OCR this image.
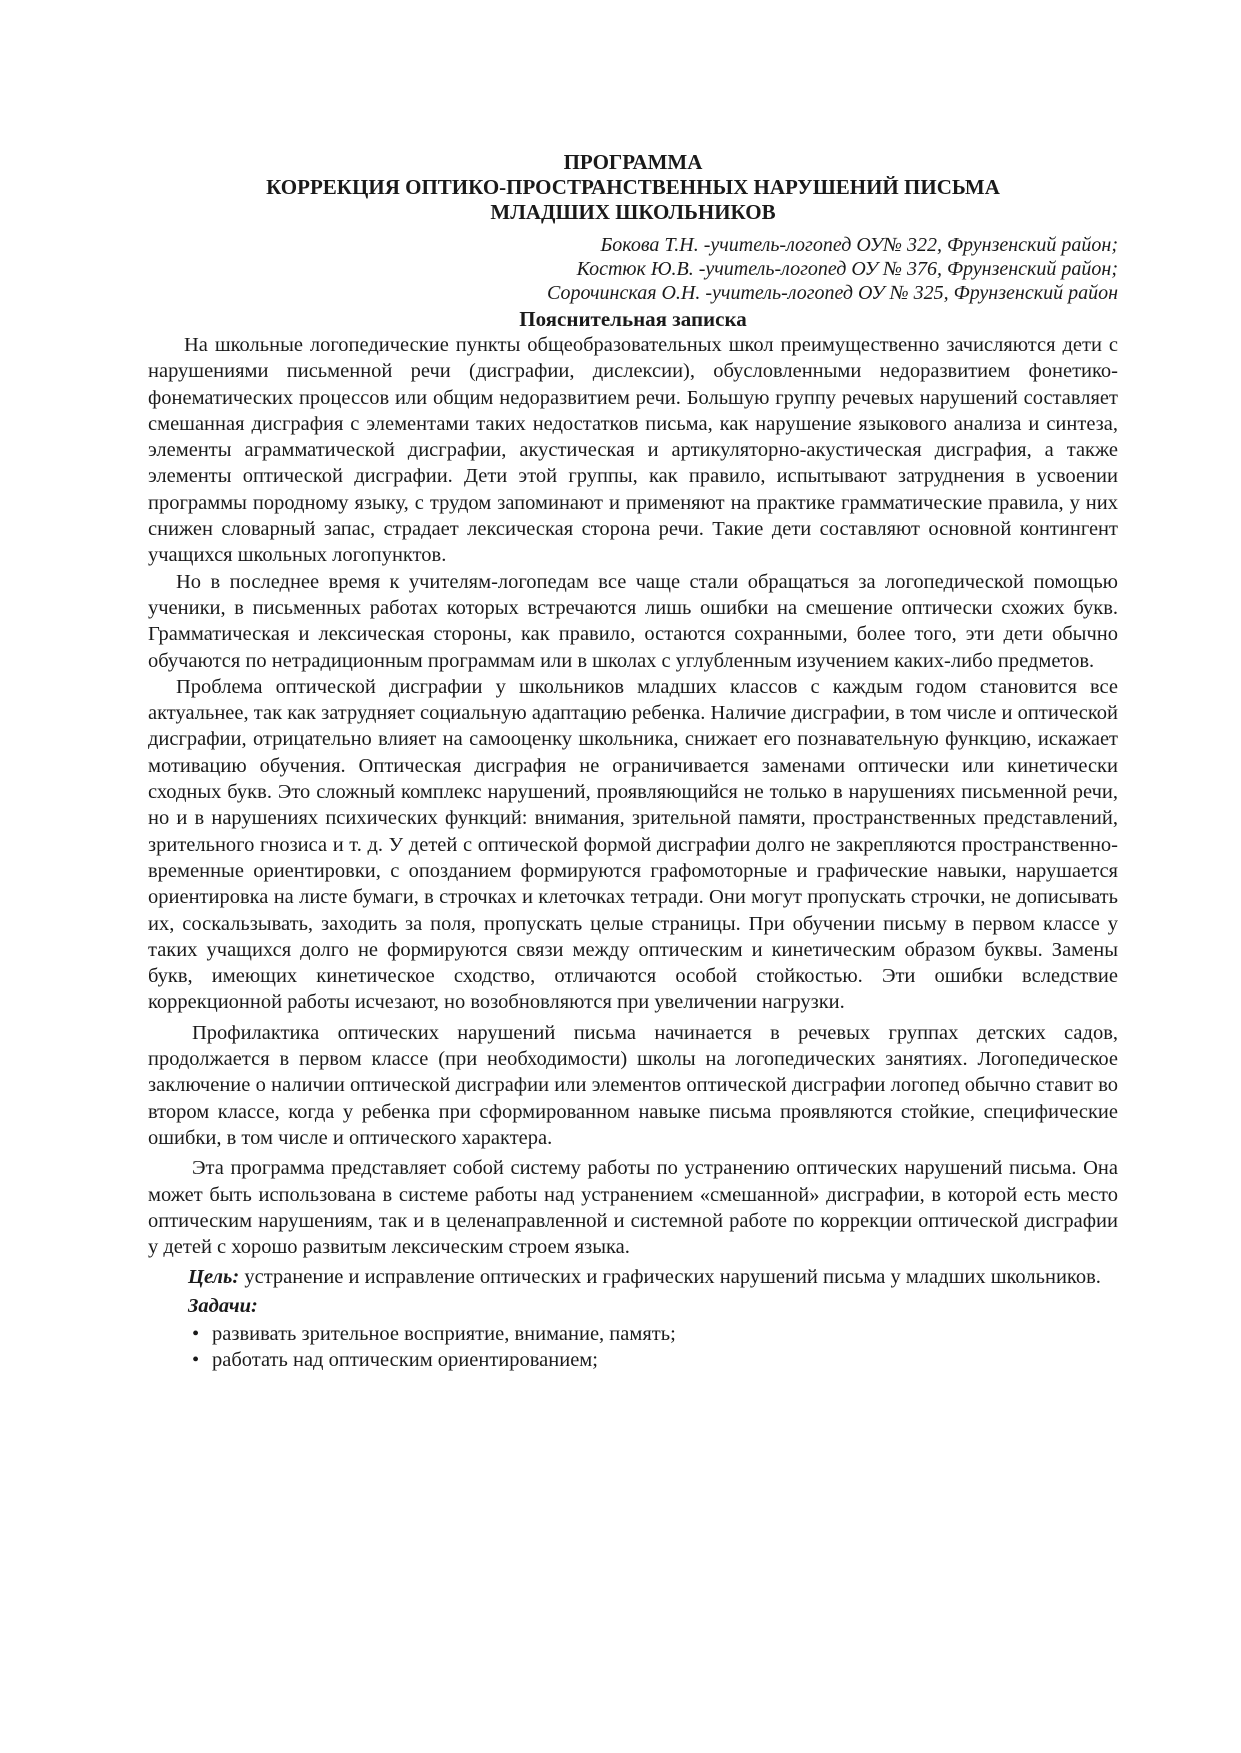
ПРОГРАММА
КОРРЕКЦИЯ ОПТИКО-ПРОСТРАНСТВЕННЫХ НАРУШЕНИЙ ПИСЬМА
МЛАДШИХ ШКОЛЬНИКОВ
Бокова Т.Н. -учитель-логопед ОУ№ 322, Фрунзенский район;
Костюк Ю.В. -учитель-логопед ОУ № 376, Фрунзенский район;
Сорочинская О.Н. -учитель-логопед ОУ № 325, Фрунзенский район
Пояснительная записка

На школьные логопедические пункты общеобразовательных школ преимущественно зачисляются дети с нарушениями письменной речи (дисграфии, дислексии), обусловленными недоразвитием фонетико-фонематических процессов или общим недоразвитием речи. Большую группу речевых нарушений составляет смешанная дисграфия с элементами таких недостатков письма, как нарушение языкового анализа и синтеза, элементы аграмматической дисграфии, акустическая и артикуляторно-акустическая дисграфия, а также элементы оптической дисграфии. Дети этой группы, как правило, испытывают затруднения в усвоении программы породному языку, с трудом запоминают и применяют на практике грамматические правила, у них снижен словарный запас, страдает лексическая сторона речи. Такие дети составляют основной контингент учащихся школьных логопунктов.

Но в последнее время к учителям-логопедам все чаще стали обращаться за логопедической помощью ученики, в письменных работах которых встречаются лишь ошибки на смешение оптически схожих букв. Грамматическая и лексическая стороны, как правило, остаются сохранными, более того, эти дети обычно обучаются по нетрадиционным программам или в школах с углубленным изучением каких-либо предметов.

Проблема оптической дисграфии у школьников младших классов с каждым годом становится все актуальнее, так как затрудняет социальную адаптацию ребенка. Наличие дисграфии, в том числе и оптической дисграфии, отрицательно влияет на самооценку школьника, снижает его познавательную функцию, искажает мотивацию обучения. Оптическая дисграфия не ограничивается заменами оптически или кинетически сходных букв. Это сложный комплекс нарушений, проявляющийся не только в нарушениях письменной речи, но и в нарушениях психических функций: внимания, зрительной памяти, пространственных представлений, зрительного гнозиса и т. д. У детей с оптической формой дисграфии долго не закрепляются пространственно-временные ориентировки, с опозданием формируются графомоторные и графические навыки, нарушается ориентировка на листе бумаги, в строчках и клеточках тетради. Они могут пропускать строчки, не дописывать их, соскальзывать, заходить за поля, пропускать целые страницы. При обучении письму в первом классе у таких учащихся долго не формируются связи между оптическим и кинетическим образом буквы. Замены букв, имеющих кинетическое сходство, отличаются особой стойкостью. Эти ошибки вследствие коррекционной работы исчезают, но возобновляются при увеличении нагрузки.

Профилактика оптических нарушений письма начинается в речевых группах детских садов, продолжается в первом классе (при необходимости) школы на логопедических занятиях. Логопедическое заключение о наличии оптической дисграфии или элементов оптической дисграфии логопед обычно ставит во втором классе, когда у ребенка при сформированном навыке письма проявляются стойкие, специфические ошибки, в том числе и оптического характера.

Эта программа представляет собой систему работы по устранению оптических нарушений письма. Она может быть использована в системе работы над устранением «смешанной» дисграфии, в которой есть место оптическим нарушениям, так и в целенаправленной и системной работе по коррекции оптической дисграфии у детей с хорошо развитым лексическим строем языка.

Цель: устранение и исправление оптических и графических нарушений письма у младших школьников.

Задачи:
• развивать зрительное восприятие, внимание, память;
• работать над оптическим ориентированием;
